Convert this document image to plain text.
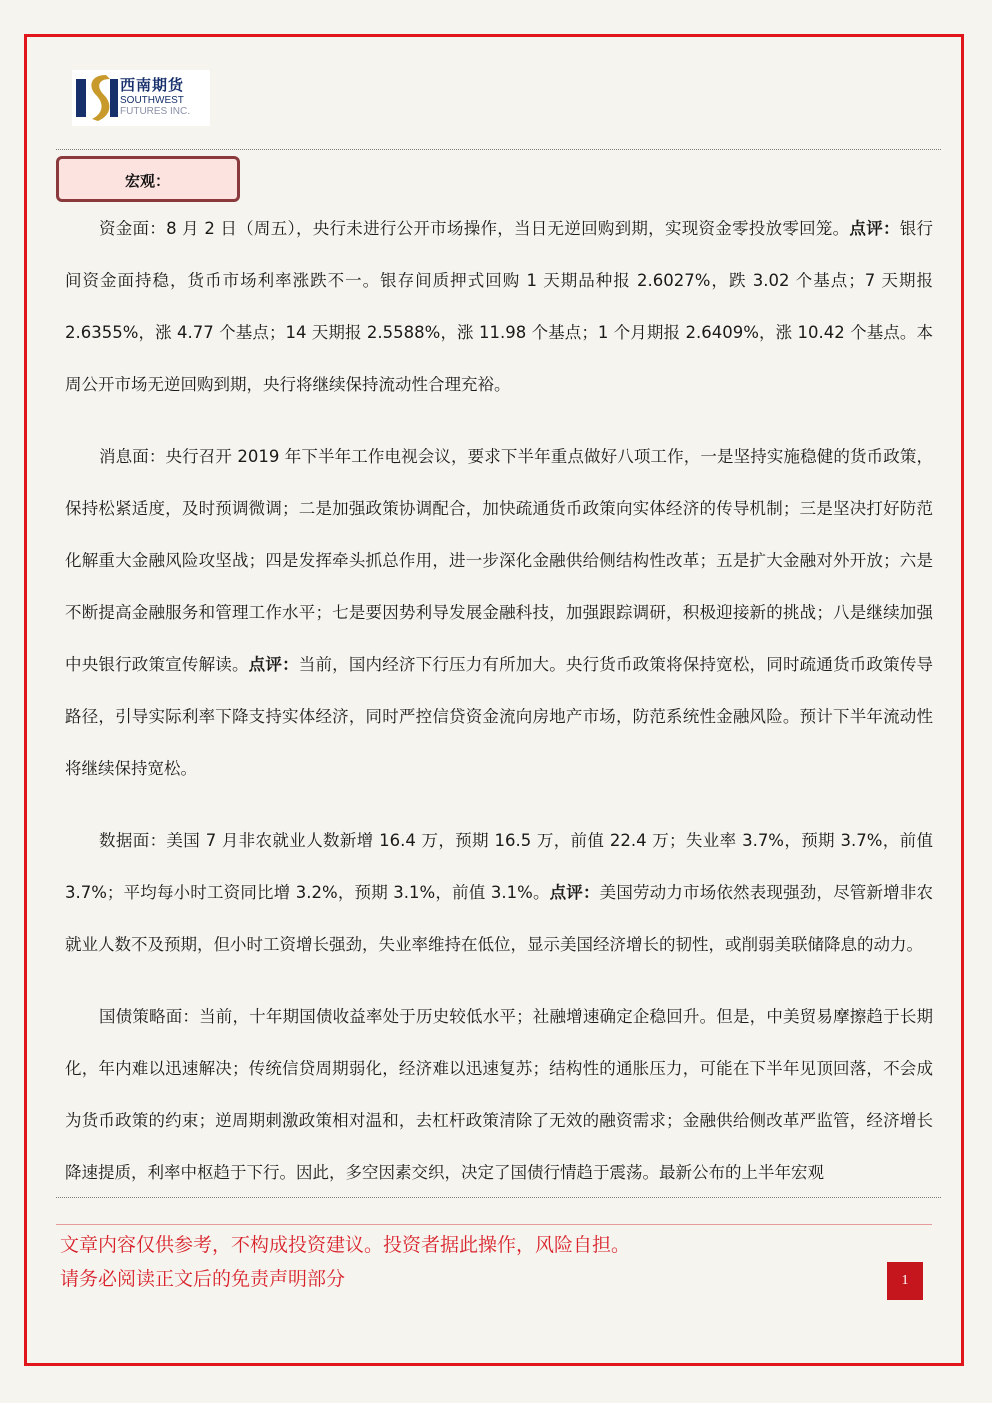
西南期货
SOUTHWEST
FUTURES INC.
宏观：

资金面：8 月 2 日（周五），央行未进行公开市场操作，当日无逆回购到期，实现资金零投放零回笼。点评：银行间资金面持稳，货币市场利率涨跌不一。银存间质押式回购 1 天期品种报 2.6027%，跌 3.02 个基点；7 天期报 2.6355%，涨 4.77 个基点；14 天期报 2.5588%，涨 11.98 个基点；1 个月期报 2.6409%，涨 10.42 个基点。本周公开市场无逆回购到期，央行将继续保持流动性合理充裕。

消息面：央行召开 2019 年下半年工作电视会议，要求下半年重点做好八项工作，一是坚持实施稳健的货币政策，保持松紧适度，及时预调微调；二是加强政策协调配合，加快疏通货币政策向实体经济的传导机制；三是坚决打好防范化解重大金融风险攻坚战；四是发挥牵头抓总作用，进一步深化金融供给侧结构性改革；五是扩大金融对外开放；六是不断提高金融服务和管理工作水平；七是要因势利导发展金融科技，加强跟踪调研，积极迎接新的挑战；八是继续加强中央银行政策宣传解读。点评：当前，国内经济下行压力有所加大。央行货币政策将保持宽松，同时疏通货币政策传导路径，引导实际利率下降支持实体经济，同时严控信贷资金流向房地产市场，防范系统性金融风险。预计下半年流动性将继续保持宽松。

数据面：美国 7 月非农就业人数新增 16.4 万，预期 16.5 万，前值 22.4 万；失业率 3.7%，预期 3.7%，前值 3.7%；平均每小时工资同比增 3.2%，预期 3.1%，前值 3.1%。点评：美国劳动力市场依然表现强劲，尽管新增非农就业人数不及预期，但小时工资增长强劲，失业率维持在低位，显示美国经济增长的韧性，或削弱美联储降息的动力。

国债策略面：当前，十年期国债收益率处于历史较低水平；社融增速确定企稳回升。但是，中美贸易摩擦趋于长期化，年内难以迅速解决；传统信贷周期弱化，经济难以迅速复苏；结构性的通胀压力，可能在下半年见顶回落，不会成为货币政策的约束；逆周期刺激政策相对温和，去杠杆政策清除了无效的融资需求；金融供给侧改革严监管，经济增长降速提质，利率中枢趋于下行。因此，多空因素交织，决定了国债行情趋于震荡。最新公布的上半年宏观

文章内容仅供参考，不构成投资建议。投资者据此操作，风险自担。
请务必阅读正文后的免责声明部分	1
